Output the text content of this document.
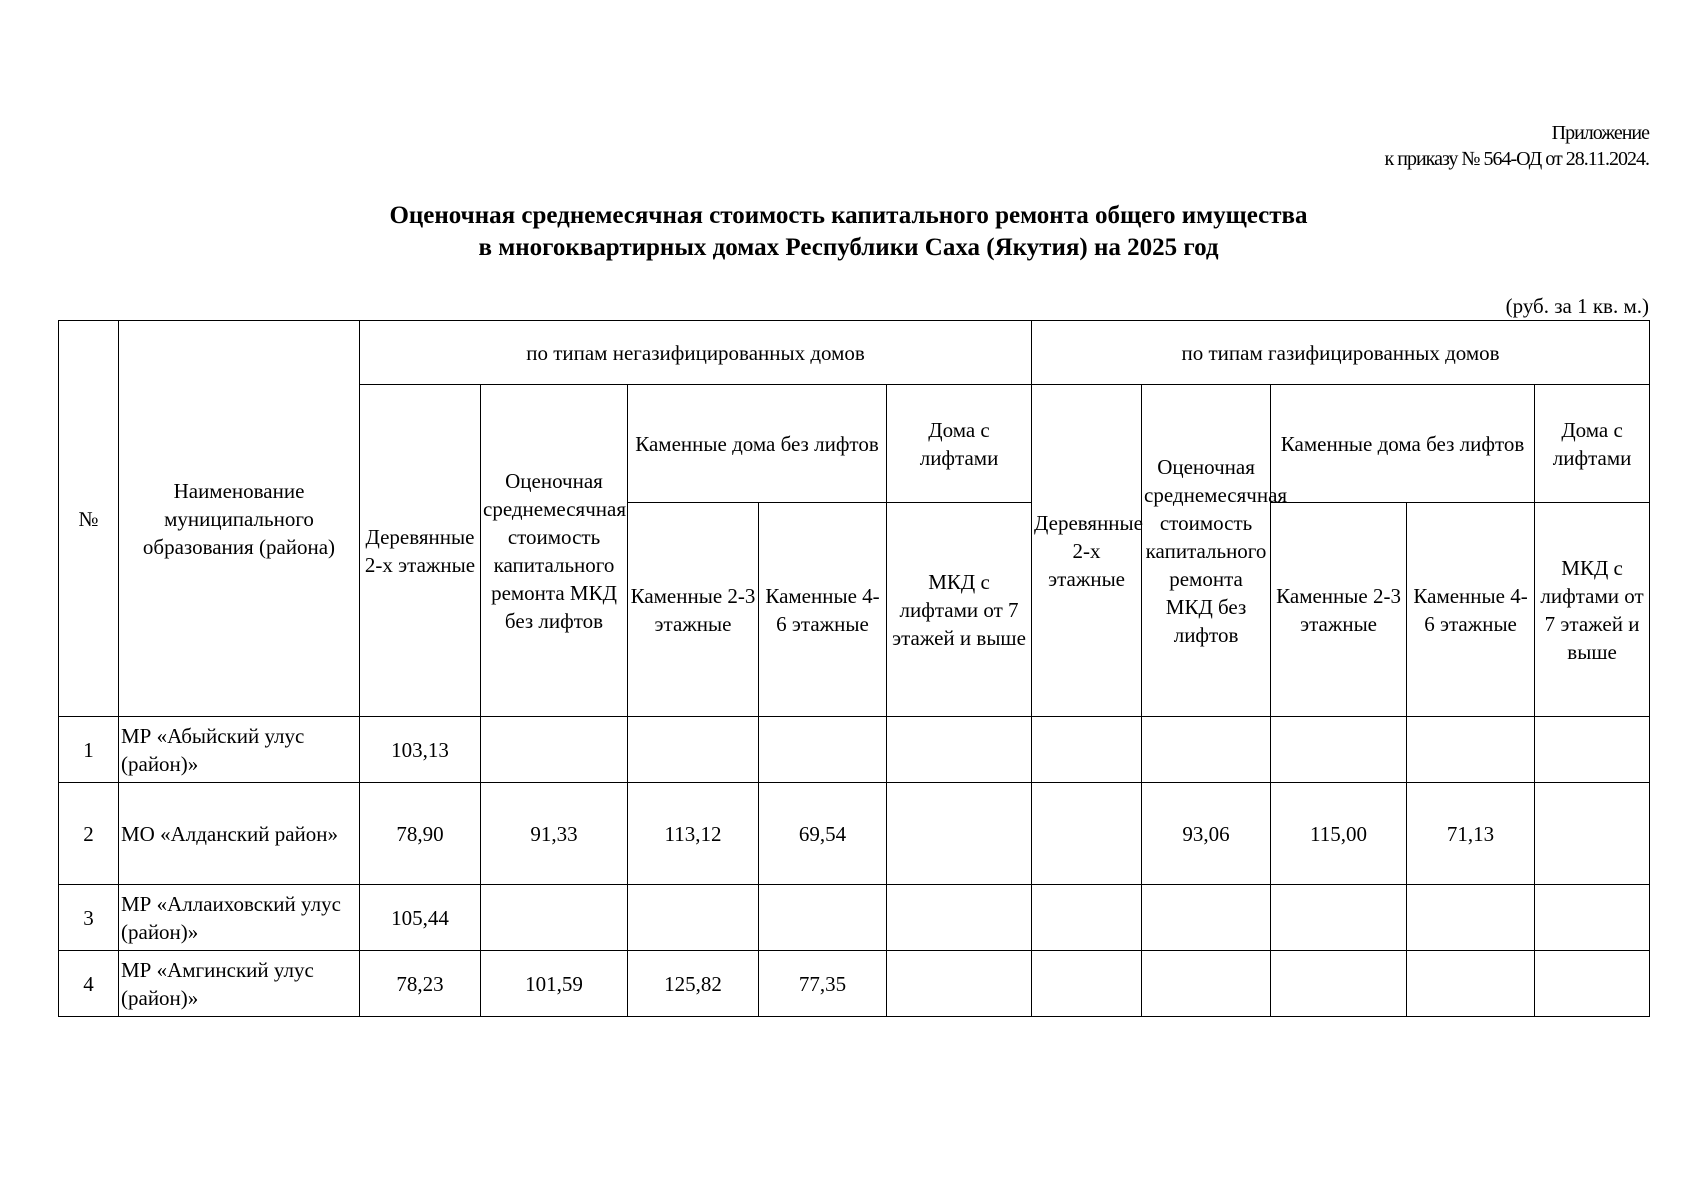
Приложение
к приказу № 564-ОД от 28.11.2024.
Оценочная среднемесячная стоимость капитального ремонта общего имущества
в многоквартирных домах Республики Саха (Якутия) на 2025 год
(руб. за 1 кв. м.)
№	Наименование муниципального образования (района)	по типам негазифицированных домов					по типам газифицированных домов				
		Деревянные 2-х этажные	Оценочная среднемесячная стоимость капитального ремонта МКД без лифтов	Каменные дома без лифтов		Дома с лифтами	Деревянные 2-х этажные	Оценочная среднемесячная стоимость капитального ремонта МКД без лифтов	Каменные дома без лифтов		Дома с лифтами
				Каменные 2-3 этажные	Каменные 4-6 этажные	МКД с лифтами от 7 этажей и выше			Каменные 2-3 этажные	Каменные 4-6 этажные	МКД с лифтами от 7 этажей и выше
1	МР «Абыйский улус (район)»	103,13									
2	МО «Алданский район»	78,90	91,33	113,12	69,54			93,06	115,00	71,13	
3	МР «Аллаиховский улус (район)»	105,44									
4	МР «Амгинский улус (район)»	78,23	101,59	125,82	77,35						
